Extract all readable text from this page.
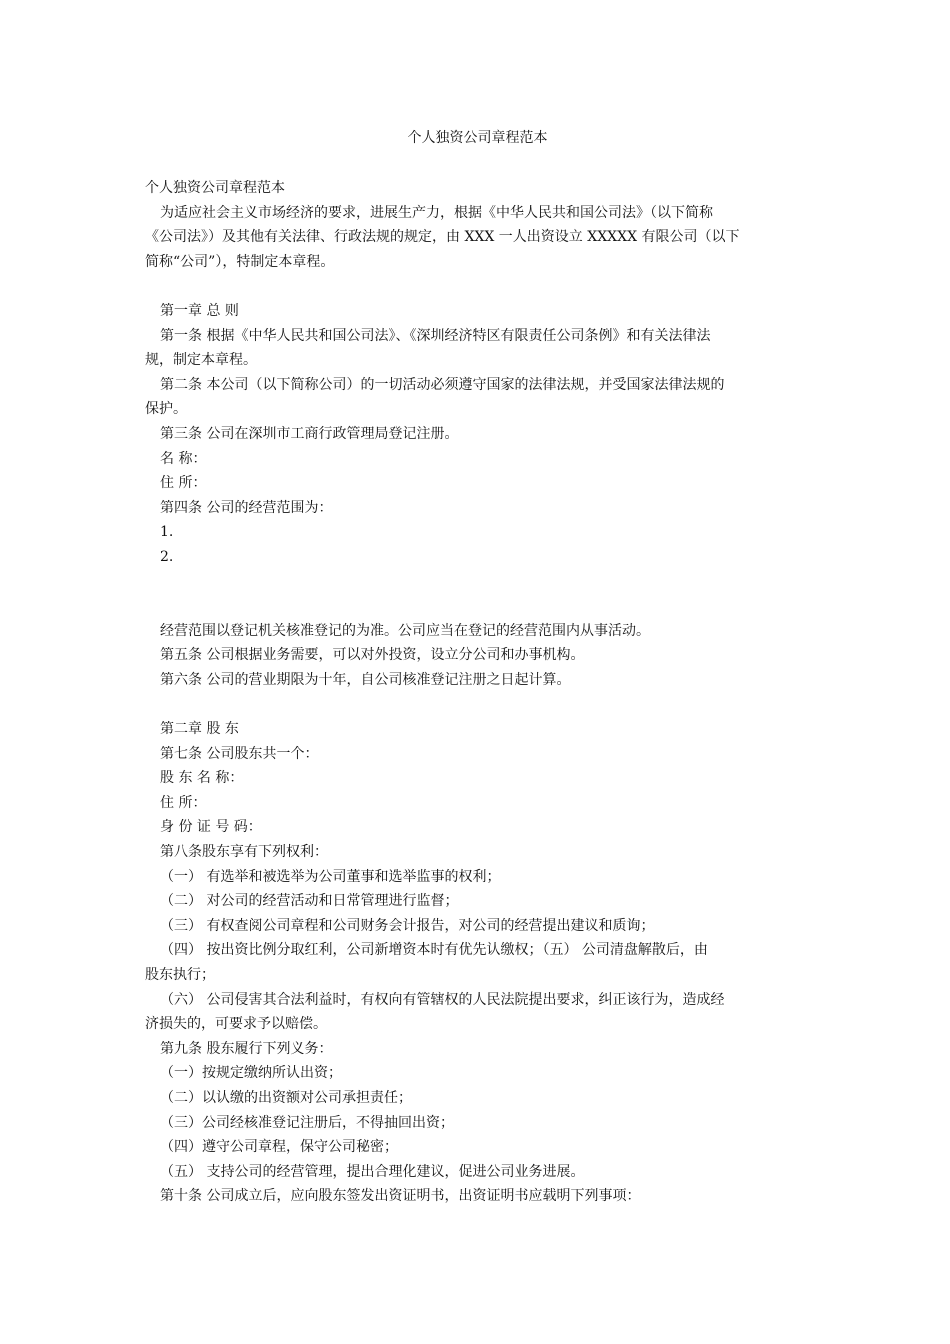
个人独资公司章程范本
个人独资公司章程范本
为适应社会主义市场经济的要求，进展生产力，根据《中华人民共和国公司法》（以下简称
《公司法》）及其他有关法律、行政法规的规定，由 XXX 一人出资设立 XXXXX 有限公司（以下
简称“公司”），特制定本章程。
第一章 总 则
第一条 根据《中华人民共和国公司法》、《深圳经济特区有限责任公司条例》和有关法律法
规，制定本章程。
第二条 本公司（以下简称公司）的一切活动必须遵守国家的法律法规，并受国家法律法规的
保护。
第三条 公司在深圳市工商行政管理局登记注册。
名 称：
住 所：
第四条 公司的经营范围为：
1.
2.
经营范围以登记机关核准登记的为准。公司应当在登记的经营范围内从事活动。
第五条 公司根据业务需要，可以对外投资，设立分公司和办事机构。
第六条 公司的营业期限为十年，自公司核准登记注册之日起计算。
第二章 股 东
第七条 公司股东共一个：
股 东 名 称：
住 所：
身 份 证 号 码：
第八条股东享有下列权利：
（一） 有选举和被选举为公司董事和选举监事的权利；
（二） 对公司的经营活动和日常管理进行监督；
（三） 有权查阅公司章程和公司财务会计报告，对公司的经营提出建议和质询；
（四） 按出资比例分取红利，公司新增资本时有优先认缴权；（五） 公司清盘解散后，由
股东执行；
（六） 公司侵害其合法利益时，有权向有管辖权的人民法院提出要求，纠正该行为，造成经
济损失的，可要求予以赔偿。
第九条 股东履行下列义务：
（一）按规定缴纳所认出资；
（二）以认缴的出资额对公司承担责任；
（三）公司经核准登记注册后，不得抽回出资；
（四）遵守公司章程，保守公司秘密；
（五） 支持公司的经营管理，提出合理化建议，促进公司业务进展。
第十条 公司成立后，应向股东签发出资证明书，出资证明书应载明下列事项：
